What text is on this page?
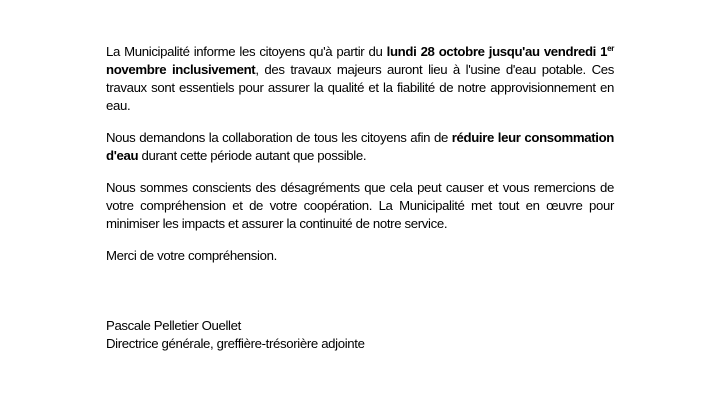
La Municipalité informe les citoyens qu'à partir du lundi 28 octobre jusqu'au vendredi 1er novembre inclusivement, des travaux majeurs auront lieu à l'usine d'eau potable. Ces travaux sont essentiels pour assurer la qualité et la fiabilité de notre approvisionnement en eau.

Nous demandons la collaboration de tous les citoyens afin de réduire leur consommation d'eau durant cette période autant que possible.

Nous sommes conscients des désagréments que cela peut causer et vous remercions de votre compréhension et de votre coopération. La Municipalité met tout en œuvre pour minimiser les impacts et assurer la continuité de notre service.

Merci de votre compréhension.

Pascale Pelletier Ouellet
Directrice générale, greffière-trésorière adjointe
